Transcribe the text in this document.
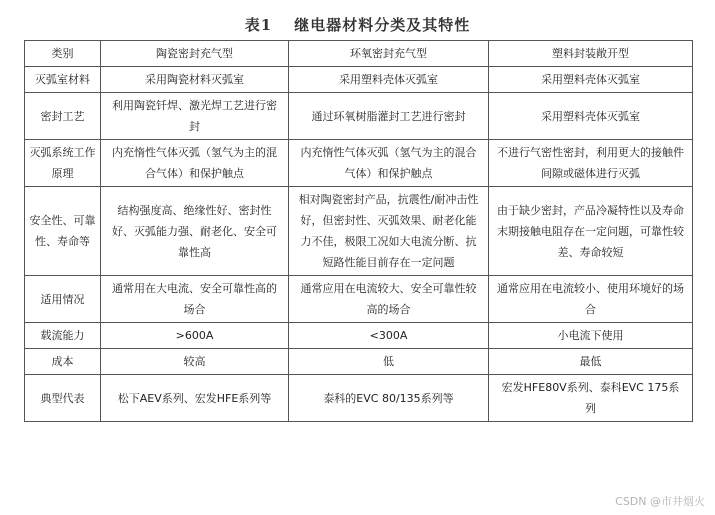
表1 继电器材料分类及其特性
类别	陶瓷密封充气型	环氧密封充气型	塑料封装敞开型
灭弧室材料	采用陶瓷材料灭弧室	采用塑料壳体灭弧室	采用塑料壳体灭弧室
密封工艺	利用陶瓷钎焊、激光焊工艺进行密封	通过环氧树脂灌封工艺进行密封	采用塑料壳体灭弧室
灭弧系统工作原理	内充惰性气体灭弧（氢气为主的混合气体）和保护触点	内充惰性气体灭弧（氢气为主的混合气体）和保护触点	不进行气密性密封，利用更大的接触件间隙或磁体进行灭弧
安全性、可靠性、寿命等	结构强度高、绝缘性好、密封性好、灭弧能力强、耐老化、安全可靠性高	相对陶瓷密封产品，抗震性/耐冲击性好，但密封性、灭弧效果、耐老化能力不佳，极限工况如大电流分断、抗短路性能目前存在一定问题	由于缺少密封，产品冷凝特性以及寿命末期接触电阻存在一定问题，可靠性较差、寿命较短
适用情况	通常用在大电流、安全可靠性高的场合	通常应用在电流较大、安全可靠性较高的场合	通常应用在电流较小、使用环境好的场合
载流能力	>600A	<300A	小电流下使用
成本	较高	低	最低
典型代表	松下AEV系列、宏发HFE系列等	泰科的EVC 80/135系列等	宏发HFE80V系列、泰科EVC 175系列
CSDN @市井烟火
